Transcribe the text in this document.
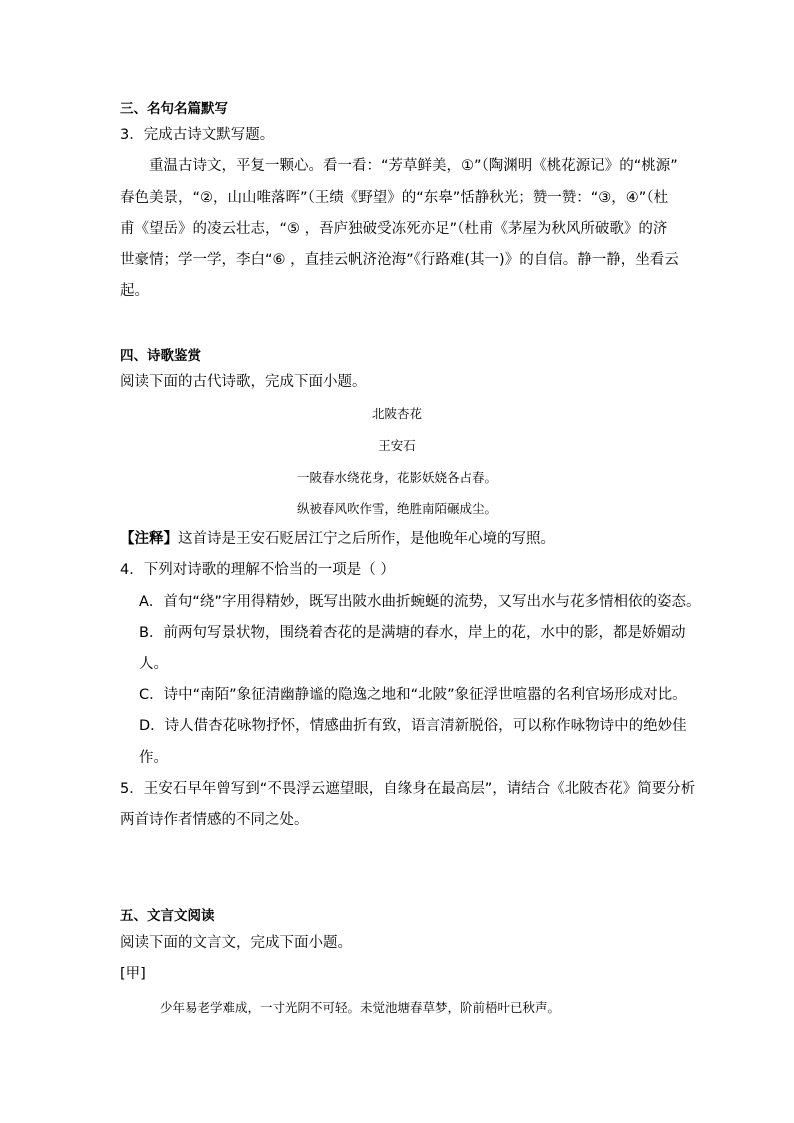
三、名句名篇默写
3．完成古诗文默写题。
重温古诗文，平复一颗心。看一看：“芳草鲜美，①”（陶渊明《桃花源记》的“桃源”
春色美景，“②，山山唯落晖”（王绩《野望》的“东皋”恬静秋光；赞一赞：“③，④”（杜
甫《望岳》的凌云壮志，“⑤ ，吾庐独破受冻死亦足”（杜甫《茅屋为秋风所破歌》的济
世豪情；学一学，李白“⑥ ，直挂云帆济沧海”《行路难(其一)》的自信。静一静，坐看云
起。
四、诗歌鉴赏
阅读下面的古代诗歌，完成下面小题。
北陂杏花
王安石
一陂春水绕花身，花影妖娆各占春。
纵被春风吹作雪，绝胜南陌碾成尘。
【注释】这首诗是王安石贬居江宁之后所作，是他晚年心境的写照。
4．下列对诗歌的理解不恰当的一项是（ ）
A．首句“绕”字用得精妙，既写出陂水曲折蜿蜒的流势，又写出水与花多情相依的姿态。
B．前两句写景状物，围绕着杏花的是满塘的春水，岸上的花，水中的影，都是娇媚动
人。
C．诗中“南陌”象征清幽静谧的隐逸之地和“北陂”象征浮世喧嚣的名利官场形成对比。
D．诗人借杏花咏物抒怀，情感曲折有致，语言清新脱俗，可以称作咏物诗中的绝妙佳
作。
5．王安石早年曾写到“不畏浮云遮望眼，自缘身在最高层”，请结合《北陂杏花》简要分析
两首诗作者情感的不同之处。
五、文言文阅读
阅读下面的文言文，完成下面小题。
[甲]
少年易老学难成，一寸光阴不可轻。未觉池塘春草梦，阶前梧叶已秋声。
